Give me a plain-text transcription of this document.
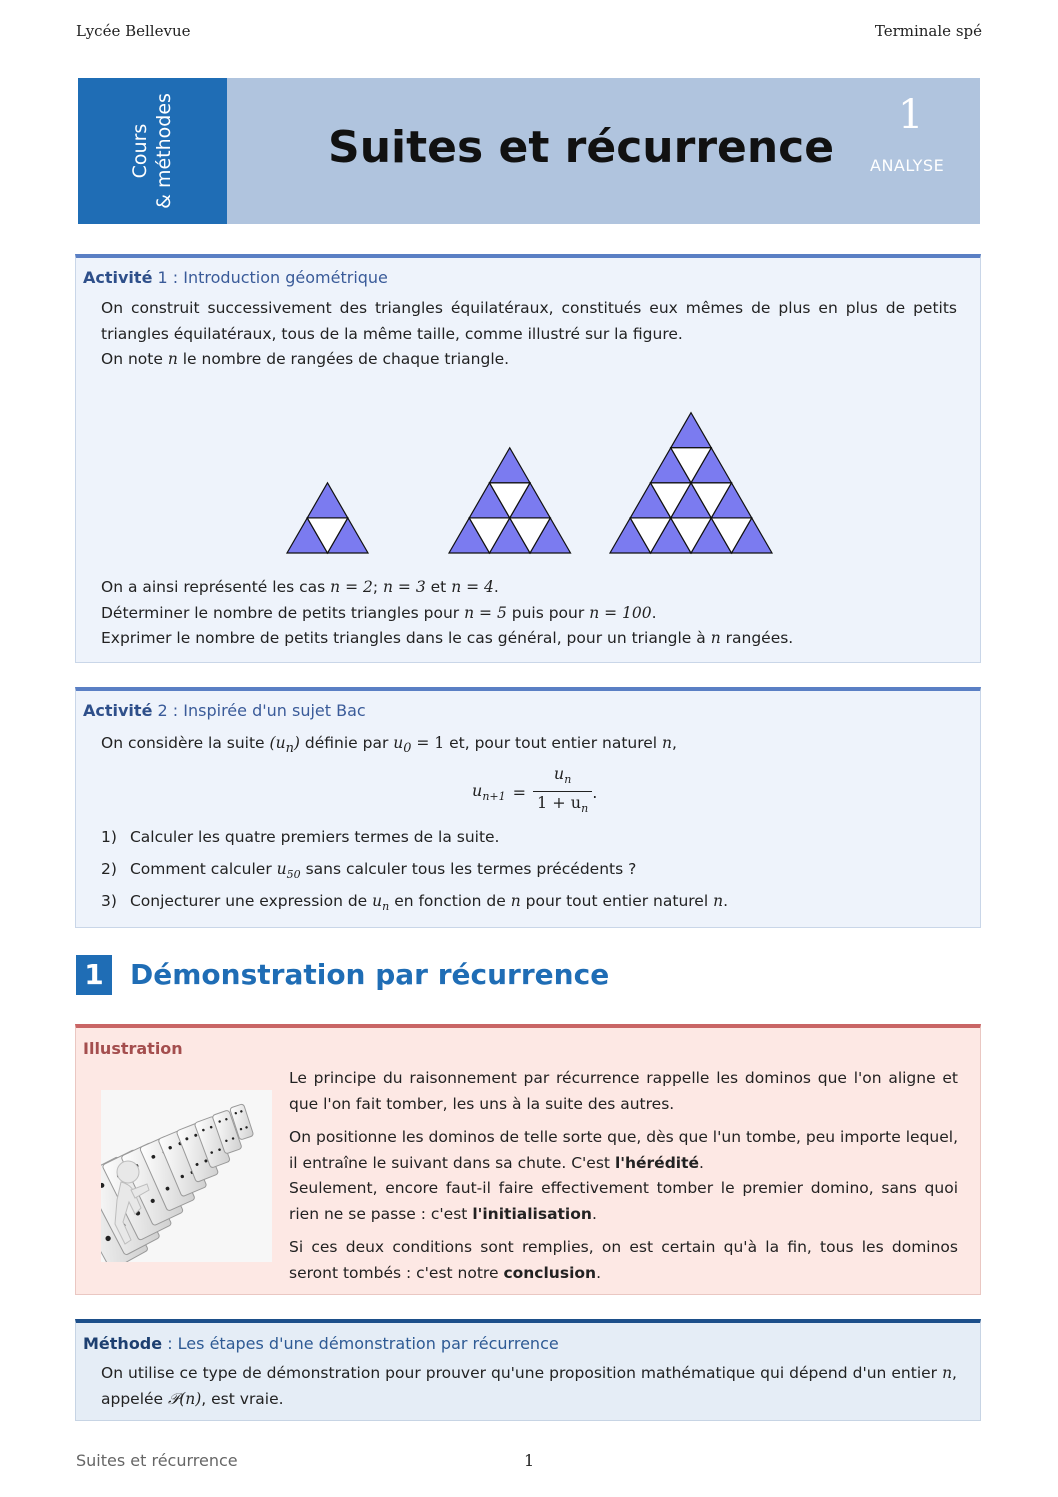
Lycée Bellevue	Terminale spé
Cours & méthodes	Suites et récurrence
1
ANALYSE
Activité 1 : Introduction géométrique
On construit successivement des triangles équilatéraux, constitués eux mêmes de plus en plus de petits triangles équilatéraux, tous de la même taille, comme illustré sur la figure.
On note n le nombre de rangées de chaque triangle.
On a ainsi représenté les cas n = 2; n = 3 et n = 4.
Déterminer le nombre de petits triangles pour n = 5 puis pour n = 100.
Exprimer le nombre de petits triangles dans le cas général, pour un triangle à n rangées.
Activité 2 : Inspirée d'un sujet Bac
On considère la suite $(u_n)$ définie par $u_0 = 1$ et, pour tout entier naturel n,
$u_{n+1}$ =
$u_n$
$1 + u_n$
.
1) Calculer les quatre premiers termes de la suite.
2) Comment calculer $u_{50}$ sans calculer tous les termes précédents ?
3) Conjecturer une expression de $u_n$ en fonction de n pour tout entier naturel n.
1 Démonstration par récurrence
Illustration

Le principe du raisonnement par récurrence rappelle les dominos que l'on aligne et que l'on fait tomber, les uns à la suite des autres.

On positionne les dominos de telle sorte que, dès que l'un tombe, peu importe lequel, il entraîne le suivant dans sa chute. C'est l'hérédité.

Seulement, encore faut-il faire effectivement tomber le premier domino, sans quoi rien ne se passe : c'est l'initialisation.

Si ces deux conditions sont remplies, on est certain qu'à la fin, tous les dominos seront tombés : c'est notre conclusion.

Méthode : Les étapes d'une démonstration par récurrence
On utilise ce type de démonstration pour prouver qu'une proposition mathématique qui dépend d'un entier n, appelée 𝒫(n), est vraie.
Suites et récurrence	1
